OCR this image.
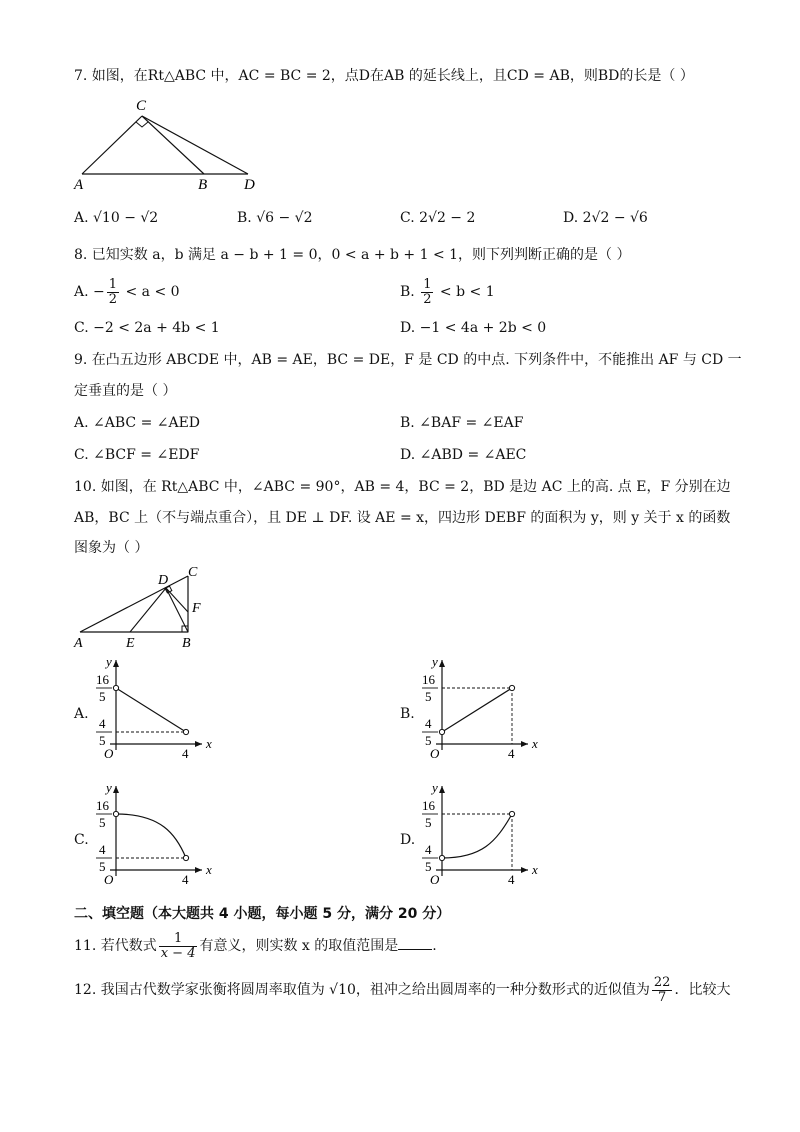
7. 如图，在Rt△ABC 中，AC = BC = 2，点D在AB 的延长线上，且CD = AB，则BD的长是（ ）
C
A	B D
A. √10 − √2	B. √6 − √2	C. 2√2 − 2	D. 2√2 − √6
8. 已知实数 a，b 满足 a − b + 1 = 0，0 < a + b + 1 < 1，则下列判断正确的是（ ）
A. − $\frac{1}{2} < a < 0$	B. $\frac{1}{2} < b < 1$
C. −2 < 2a + 4b < 1	D. −1 < 4a + 2b < 0
9. 在凸五边形 ABCDE 中，AB = AE，BC = DE，F 是 CD 的中点. 下列条件中，不能推出 AF 与 CD 一
定垂直的是（ ）
A. ∠ABC = ∠AED	B. ∠BAF = ∠EAF
C. ∠BCF = ∠EDF	D. ∠ABD = ∠AEC
10. 如图，在 Rt△ABC 中，∠ABC = 90°，AB = 4，BC = 2，BD 是边 AC 上的高. 点 E，F 分别在边
AB，BC 上（不与端点重合），且 DE ⊥ DF. 设 AE = x，四边形 DEBF 的面积为 y，则 y 关于 x 的函数
图象为（ ）
D
C
F
A	E	B
A.	B.
C.	D.
y
x
O	4
16
5
4
5
y
x
O	4
16
5
4
5
y
x
O	4
16
5
4
5
y
x
O	4
16
5
4
5
二、填空题（本大题共 4 小题，每小题 5 分，满分 20 分）
11. 若代数式 $\frac{1}{x - 4}$ 有意义，则实数 x 的取值范围是 .
12. 我国古代数学家张衡将圆周率取值为 √10，祖冲之给出圆周率的一种分数形式的近似值为 $\frac{22}{7}$ ．比较大
